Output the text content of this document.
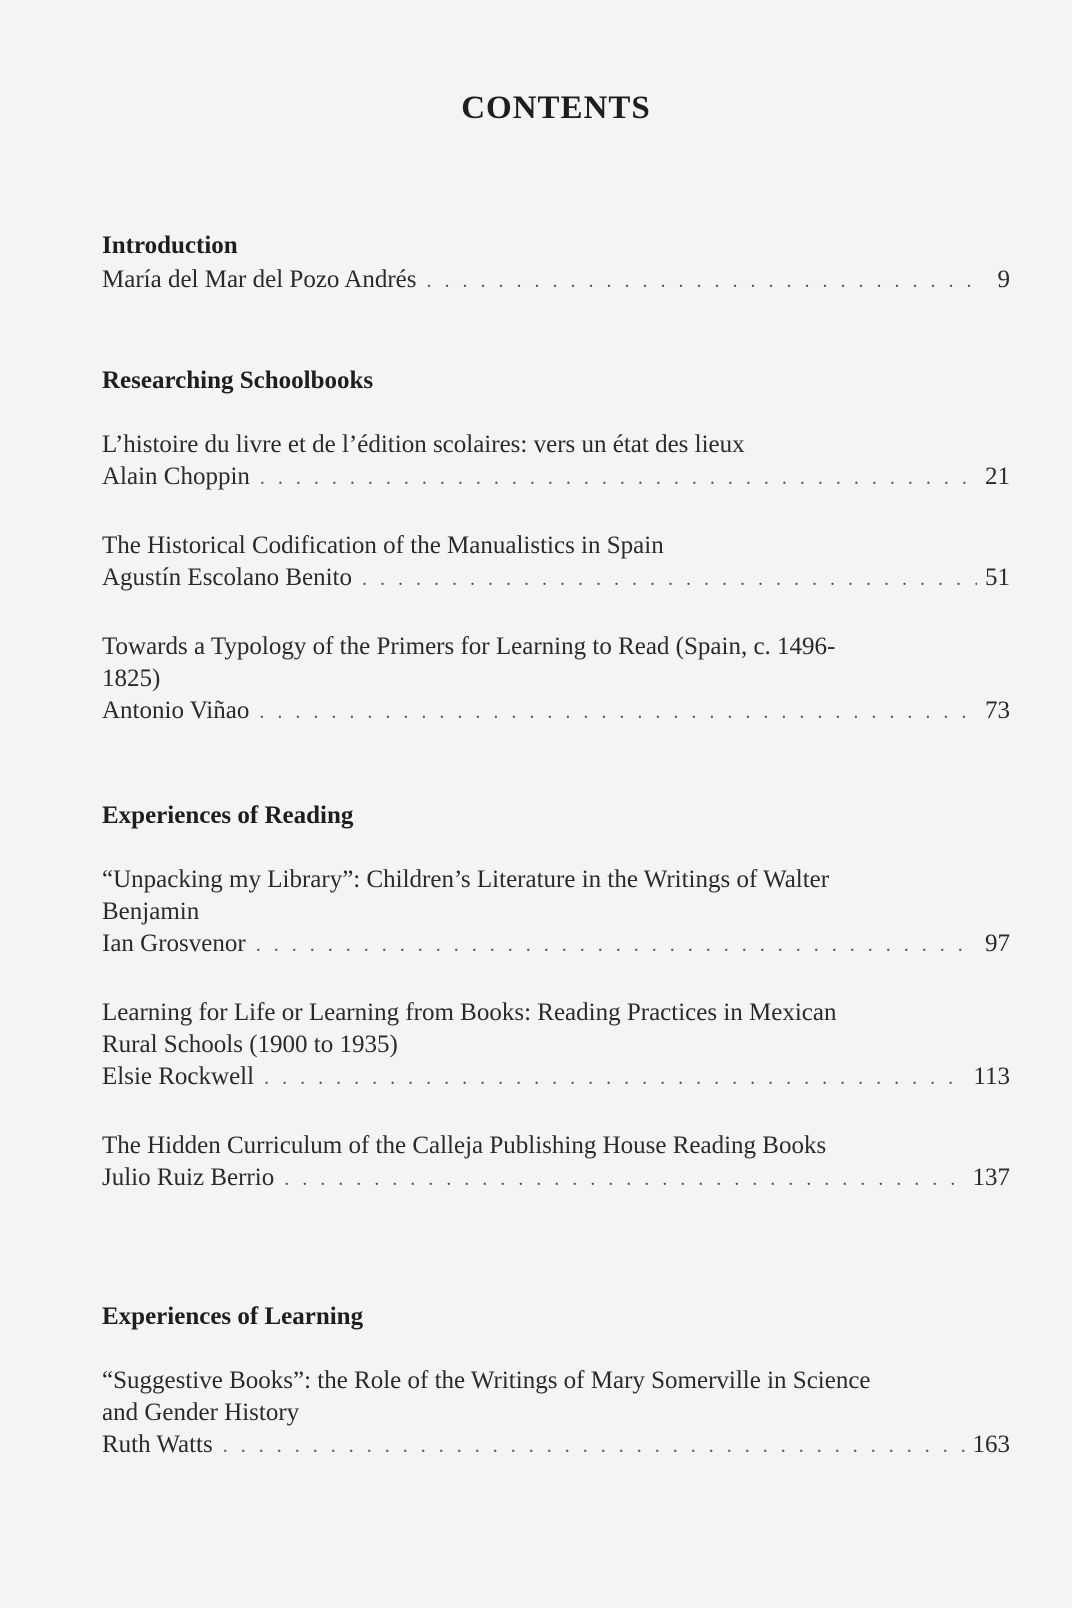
CONTENTS
Introduction
María del Mar del Pozo Andrés . . .	9
Researching Schoolbooks
L’histoire du livre et de l’édition scolaires: vers un état des lieux
Alain Choppin . . .	21
The Historical Codification of the Manualistics in Spain
Agustín Escolano Benito . . .	51
Towards a Typology of the Primers for Learning to Read (Spain, c. 1496-1825)
Antonio Viñao . . .	73
Experiences of Reading
“Unpacking my Library”: Children’s Literature in the Writings of Walter Benjamin
Ian Grosvenor . . .	97
Learning for Life or Learning from Books: Reading Practices in Mexican Rural Schools (1900 to 1935)
Elsie Rockwell . . .	113
The Hidden Curriculum of the Calleja Publishing House Reading Books
Julio Ruiz Berrio . . .	137
Experiences of Learning
“Suggestive Books”: the Role of the Writings of Mary Somerville in Science and Gender History
Ruth Watts . . .	163
